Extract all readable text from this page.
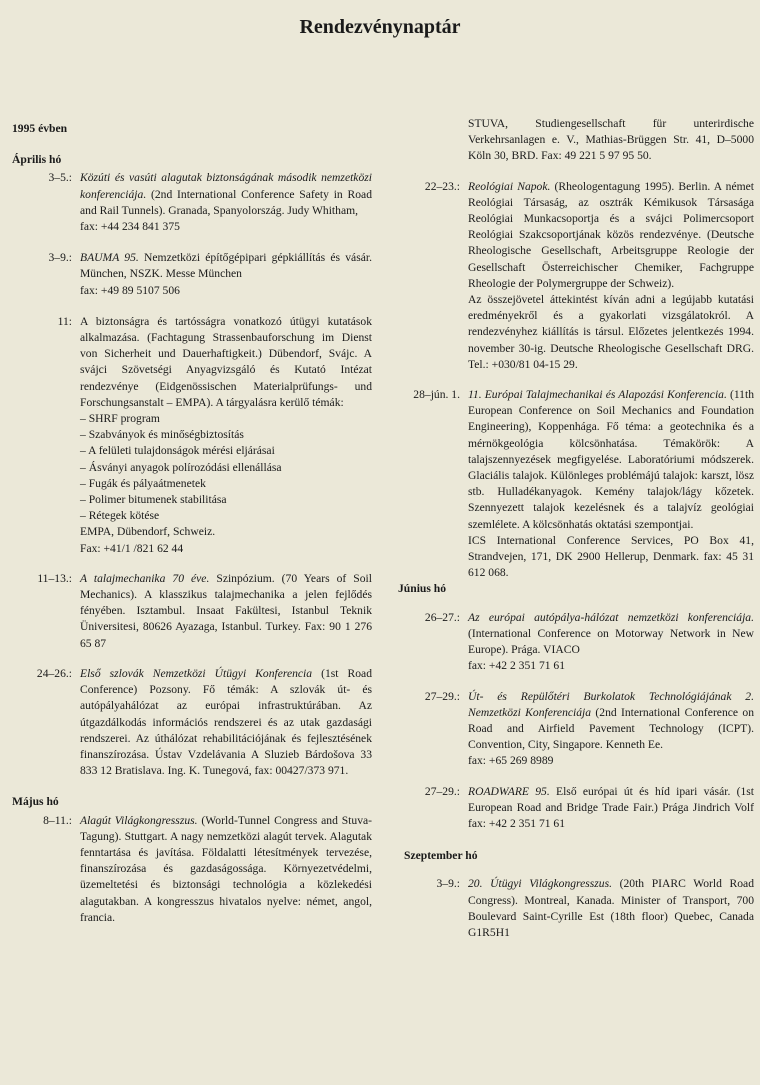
Rendezvénynaptár
1995 évben
Április hó
3–5.: Közúti és vasúti alagutak biztonságának második nemzetközi konferenciája. (2nd International Conference Safety in Road and Rail Tunnels). Granada, Spanyolország. Judy Whitham,

fax: +44 234 841 375

3–9.: BAUMA 95. Nemzetközi építőgépipari gépkiállítás és vásár. München, NSZK. Messe München

fax: +49 89 5107 506

11: A biztonságra és tartósságra vonatkozó útügyi kutatások alkalmazása. (Fachtagung Strassenbauforschung im Dienst von Sicherheit und Dauerhaftigkeit.) Dübendorf, Svájc. A svájci Szövetségi Anyagvizsgáló és Kutató Intézat rendezvénye (Eidgenössischen Materialprüfungs- und Forschungsanstalt – EMPA). A tárgyalásra kerülő témák:

– SHRF program
– Szabványok és minőségbiztosítás
– A felületi tulajdonságok mérési eljárásai
– Ásványi anyagok polírozódási ellenállása
– Fugák és pályaátmenetek
– Polimer bitumenek stabilitása
– Rétegek kötése

EMPA, Dübendorf, Schweiz.

Fax: +41/1 /821 62 44

11–13.: A talajmechanika 70 éve. Szinpózium. (70 Years of Soil Mechanics). A klasszikus talajmechanika a jelen fejlődés fényében. Isztambul. Insaat Fakültesi, Istanbul Teknik Üniversitesi, 80626 Ayazaga, Istanbul. Turkey. Fax: 90 1 276 65 87

24–26.: Első szlovák Nemzetközi Útügyi Konferencia (1st Road Conference) Pozsony. Fő témák: A szlovák út- és autópályahálózat az európai infrastruktúrában. Az útgazdálkodás információs rendszerei és az utak gazdasági rendszerei. Az úthálózat rehabilitációjának és fejlesztésének finanszírozása. Ústav Vzdelávania A Sluzieb Bárdošova 33 833 12 Bratislava. Ing. K. Tunegová, fax: 00427/373 971.

Május hó
8–11.: Alagút Világkongresszus. (World-Tunnel Congress and Stuva-Tagung). Stuttgart. A nagy nemzetközi alagút tervek. Alagutak fenntartása és javítása. Földalatti létesítmények tervezése, finanszírozása és gazdaságossága. Környezetvédelmi, üzemeltetési és biztonsági technológia a közlekedési alagutakban. A kongresszus hivatalos nyelve: német, angol, francia.

STUVA, Studiengesellschaft für unterirdische Verkehrsanlagen e. V., Mathias-Brüggen Str. 41, D–5000 Köln 30, BRD. Fax: 49 221 5 97 95 50.

22–23.: Reológiai Napok. (Rheologentagung 1995). Berlin. A német Reológiai Társaság, az osztrák Kémikusok Társasága Reológiai Munkacsoportja és a svájci Polimercsoport Reológiai Szakcsoportjának közös rendezvénye. (Deutsche Rheologische Gesellschaft, Arbeitsgruppe Reologie der Gesellschaft Österreichischer Chemiker, Fachgruppe Rheologie der Polymergruppe der Schweiz).

Az összejövetel áttekintést kíván adni a legújabb kutatási eredményekről és a gyakorlati vizsgálatokról. A rendezvényhez kiállítás is társul. Előzetes jelentkezés 1994. november 30-ig. Deutsche Rheologische Gesellschaft DRG. Tel.: +030/81 04-15 29.

28–jún. 1. 11. Európai Talajmechanikai és Alapozási Konferencia. (11th European Conference on Soil Mechanics and Foundation Engineering), Koppenhága. Fő téma: a geotechnika és a mérnökgeológia kölcsönhatása. Témakörök: A talajszennyezések megfigyelése. Laboratóriumi módszerek. Glaciális talajok. Különleges problémájú talajok: karszt, lösz stb. Hulladékanyagok. Kemény talajok/lágy kőzetek. Szennyezett talajok kezelésnek és a talajvíz geológiai szemlélete. A kölcsönhatás oktatási szempontjai.

ICS International Conference Services, PO Box 41, Strandvejen, 171, DK 2900 Hellerup, Denmark. fax: 45 31 612 068.

Június hó
26–27.: Az európai autópálya-hálózat nemzetközi konferenciája. (International Conference on Motorway Network in New Europe). Prága. VIACO

fax: +42 2 351 71 61

27–29.: Út- és Repülőtéri Burkolatok Technológiájának 2. Nemzetközi Konferenciája (2nd International Conference on Road and Airfield Pavement Technology (ICPT). Convention, City, Singapore. Kenneth Ee.

fax: +65 269 8989

27–29.: ROADWARE 95. Első európai út és híd ipari vásár. (1st European Road and Bridge Trade Fair.) Prága Jindrich Volf fax: +42 2 351 71 61

Szeptember hó
3–9.: 20. Útügyi Világkongresszus. (20th PIARC World Road Congress). Montreal, Kanada. Minister of Transport, 700 Boulevard Saint-Cyrille Est (18th floor) Quebec, Canada G1R5H1
